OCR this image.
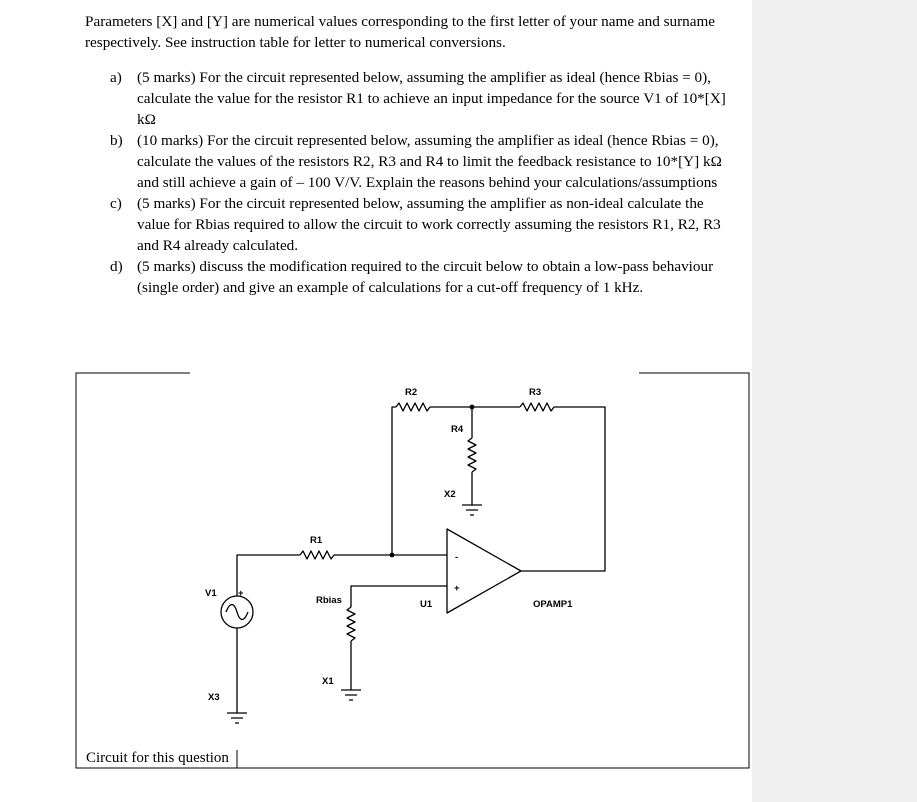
Parameters [X] and [Y] are numerical values corresponding to the first letter of your name and surname respectively. See instruction table for letter to numerical conversions.

a) (5 marks) For the circuit represented below, assuming the amplifier as ideal (hence Rbias = 0), calculate the value for the resistor R1 to achieve an input impedance for the source V1 of 10*[X] kΩ
b) (10 marks) For the circuit represented below, assuming the amplifier as ideal (hence Rbias = 0), calculate the values of the resistors R2, R3 and R4 to limit the feedback resistance to 10*[Y] kΩ and still achieve a gain of – 100 V/V. Explain the reasons behind your calculations/assumptions
c) (5 marks) For the circuit represented below, assuming the amplifier as non-ideal calculate the value for Rbias required to allow the circuit to work correctly assuming the resistors R1, R2, R3 and R4 already calculated.
d) (5 marks) discuss the modification required to the circuit below to obtain a low-pass behaviour (single order) and give an example of calculations for a cut-off frequency of 1 kHz.
R1
R2	R3
R4
Rbias
V1 +
U1	OPAMP1
X1
X2
X3
-
+
Circuit for this question
